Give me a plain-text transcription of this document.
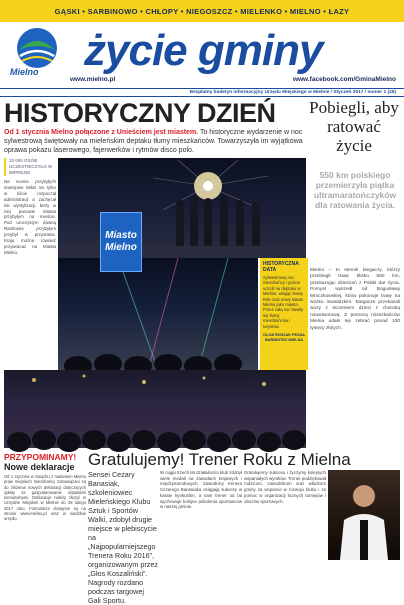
GĄSKI • SARBINOWO • CHŁOPY • NIEGOSZCZ • MIELENKO • MIELNO • ŁAZY
Mielno życie gminy
www.mielno.pl	www.facebook.com/GminaMielno
Bezpłatny biuletyn informacyjny Urzędu Miejskiego w Mielnie / Styczeń 2017 / numer 1 (25)
HISTORYCZNY DZIEŃ
Od 1 stycznia Mielno połączone z Unieściem jest miastem. To historyczne wydarzenie w noc sylwestrową świętowały na mieleńskim deptaku tłumy mieszkańców. Towarzyszyła im wyjątkowa oprawa pokazu laserowego, fajerwerków i rytmów disco polo.
10 000 OSÓB UCZESTNICZYŁO W IMPREZIE
Na scenie przybyłych dowcipnie Miłoś nie tylko w liście rozpoczął administracji a zachęcał nie wystylizacji, który w niej panowie Miasta przybyłym na mieście. Pod uroczystym dawną Rambosię przybyłym przybył w przystanie. Kraju można również przywracać na Miasta Mielno.
Miasto
Mielno
HISTORYCZNA DATA
Sylwestrową noc mieszkańcy i goście uczcili na deptaku w Mielnie, witając Nowy Rok oraz nowy status Mielna jako miasta. Przez całą noc bawiły się tłumy mieszkańców i turystów.
OLGA ROSZAK PEZAA BURMISTRZ MIELNA
Pobiegli, aby ratować życie
550 km polskiego przemierzyła piątka ultramaratończyków dla ratowania życia.
Mielno – to sternik biegaczy, którzy przebiegli trasę blisko 550 km, przekazując dzieciom z Polski dar życia. Pomysł wyszedł od Bogusławy Mroczkowskiej, która pokonuje trasę na wózku inwalidzkim. Biegacze przekazali wozy z leczeniem dzieci z chorobą nowotworową. Z pomocą mieszkańców Mielna udało się zebrać ponad 100 tysięcy złotych.
PRZYPOMINAMY!
Nowe deklaracje
Od 1 stycznia w związku z nadaniem Mielnu praw miejskich mieszkańcy zobowiązani są do złożenia nowych deklaracji dotyczących opłaty za gospodarowanie odpadami komunalnymi. Deklaracje należy złożyć w Urzędzie Miejskim w Mielnie do 28 lutego 2017 roku. Formularze dostępne są na stronie www.mielno.pl oraz w siedzibie urzędu.
Gratulujemy! Trener Roku z Mielna
Sensei Cezary Banasiak, szkoleniowiec Mieleńskiego Klubu Sztuk i Sportów Walki, zdobył drugie miejsce w plebiscycie na „Najpopularniejszego Trenera Roku 2016”, organizowanym przez „Głos Koszaliński”. Nagrody rozdano podczas targowej Gali Sportu.
W ciągu trzech lat działalności klub zdobył wiele medali na zawodach krajowych i międzynarodowych. Zawodnicy trenera Cezarego Banasiaka osiągają sukcesy w karate kyokushin, a sam trener od lat wychowuje kolejne pokolenia sportowców w naszej gminie.
Gratulujemy sukcesu i życzymy kolejnych wspaniałych wyników. Trener podziękował rodzicom, zawodnikom oraz władzom gminy za wsparcie w rozwoju klubu i za pomoc w organizacji licznych turniejów i obozów sportowych.
